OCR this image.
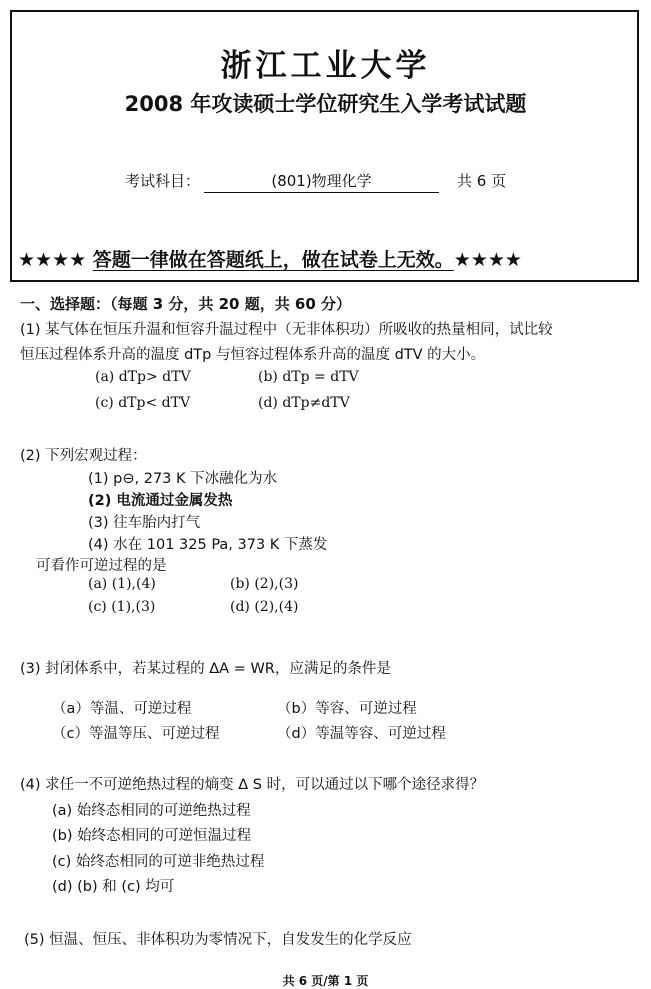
浙江工业大学
2008 年攻读硕士学位研究生入学考试试题
考试科目：	(801)物理化学	共 6 页
★★★★ 答题一律做在答题纸上，做在试卷上无效。★★★★
一、选择题：（每题 3 分，共 20 题，共 60 分）
(1) 某气体在恒压升温和恒容升温过程中（无非体积功）所吸收的热量相同，试比较
恒压过程体系升高的温度 dTp 与恒容过程体系升高的温度 dTV 的大小。
(a) dTp> dTV	(b) dTp = dTV
(c) dTp< dTV	(d) dTp≠dTV
(2) 下列宏观过程：
(1) p⊖, 273 K 下冰融化为水
(2) 电流通过金属发热
(3) 往车胎内打气
(4) 水在 101 325 Pa, 373 K 下蒸发
可看作可逆过程的是
(a) (1),(4)	(b) (2),(3)
(c) (1),(3)	(d) (2),(4)
(3) 封闭体系中，若某过程的 ΔA = WR，应满足的条件是
（a）等温、可逆过程	（b）等容、可逆过程
（c）等温等压、可逆过程	（d）等温等容、可逆过程
(4) 求任一不可逆绝热过程的熵变 Δ S 时，可以通过以下哪个途径求得？
(a) 始终态相同的可逆绝热过程
(b) 始终态相同的可逆恒温过程
(c) 始终态相同的可逆非绝热过程
(d) (b) 和 (c) 均可
(5) 恒温、恒压、非体积功为零情况下，自发发生的化学反应
共 6 页/第 1 页
